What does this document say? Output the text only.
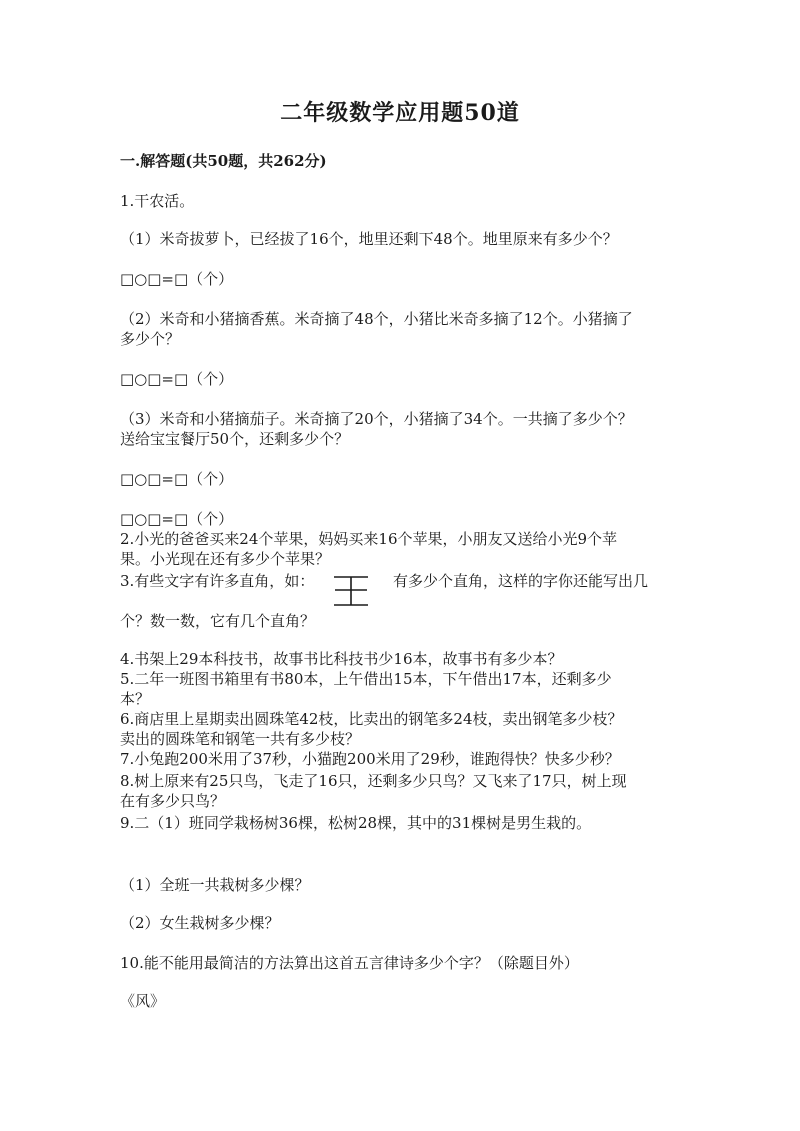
二年级数学应用题50道
一.解答题(共50题，共262分)
1.干农活。
（1）米奇拔萝卜，已经拔了16个，地里还剩下48个。地里原来有多少个？
□○□=□（个）
（2）米奇和小猪摘香蕉。米奇摘了48个，小猪比米奇多摘了12个。小猪摘了
多少个？
□○□=□（个）
（3）米奇和小猪摘茄子。米奇摘了20个，小猪摘了34个。一共摘了多少个？
送给宝宝餐厅50个，还剩多少个？
□○□=□（个）
□○□=□（个）
2.小光的爸爸买来24个苹果，妈妈买来16个苹果，小朋友又送给小光9个苹
果。小光现在还有多少个苹果？
3.有些文字有许多直角，如：	有多少个直角，这样的字你还能写出几
个？数一数，它有几个直角？
4.书架上29本科技书，故事书比科技书少16本，故事书有多少本？
5.二年一班图书箱里有书80本，上午借出15本，下午借出17本，还剩多少
本？
6.商店里上星期卖出圆珠笔42枝，比卖出的钢笔多24枝，卖出钢笔多少枝？
卖出的圆珠笔和钢笔一共有多少枝？
7.小兔跑200米用了37秒，小猫跑200米用了29秒，谁跑得快？快多少秒？
8.树上原来有25只鸟，飞走了16只，还剩多少只鸟？又飞来了17只，树上现
在有多少只鸟？
9.二（1）班同学栽杨树36棵，松树28棵，其中的31棵树是男生栽的。
（1）全班一共栽树多少棵？
（2）女生栽树多少棵？
10.能不能用最简洁的方法算出这首五言律诗多少个字？（除题目外）
《风》
